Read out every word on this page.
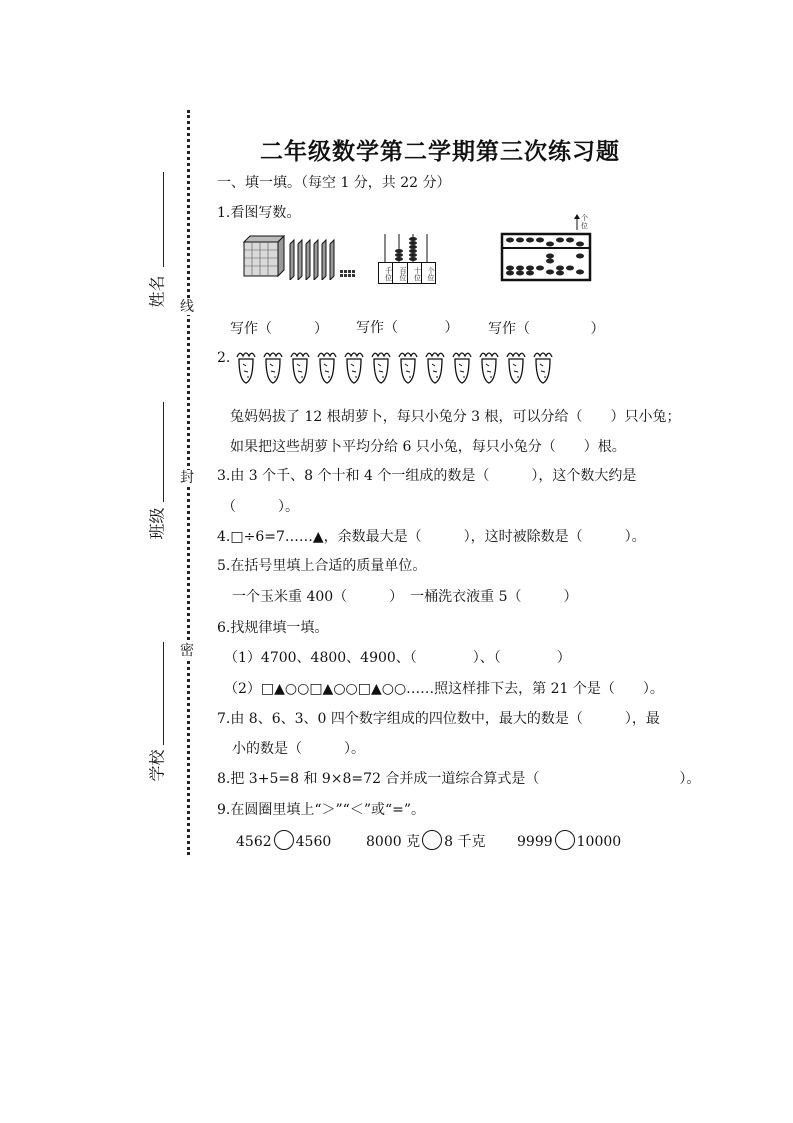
姓名
班级
学校
线
封
密
二年级数学第二学期第三次练习题
一、填一填。（每空 1 分，共 22 分）
1.看图写数。
千位 百位 十位 个位
个位
写作（　　　） 写作（　　　 ） 写作（　　　　 ）
2.
兔妈妈拔了 12 根胡萝卜，每只小兔分 3 根，可以分给（　　）只小兔；
如果把这些胡萝卜平均分给 6 只小兔，每只小兔分（　　）根。
3.由 3 个千、8 个十和 4 个一组成的数是（　　　），这个数大约是
（　　　）。
4.□÷6=7……▲，余数最大是（　　　），这时被除数是（　　　）。
5.在括号里填上合适的质量单位。
一个玉米重 400（　　　）　一桶洗衣液重 5（　　　）
6.找规律填一填。
（1）4700、4800、4900、（　　　　）、（　　　　）
（2）□▲○○□▲○○□▲○○……照这样排下去，第 21 个是（　　）。
7.由 8、6、3、0 四个数字组成的四位数中，最大的数是（　　　），最
小的数是（　　　）。
8.把 3+5=8 和 9×8=72 合并成一道综合算式是（　　　　　　　　　　）。
9.在圆圈里填上“＞”“＜”或“=”。
4562 4560 8000 克 8 千克 9999 10000
